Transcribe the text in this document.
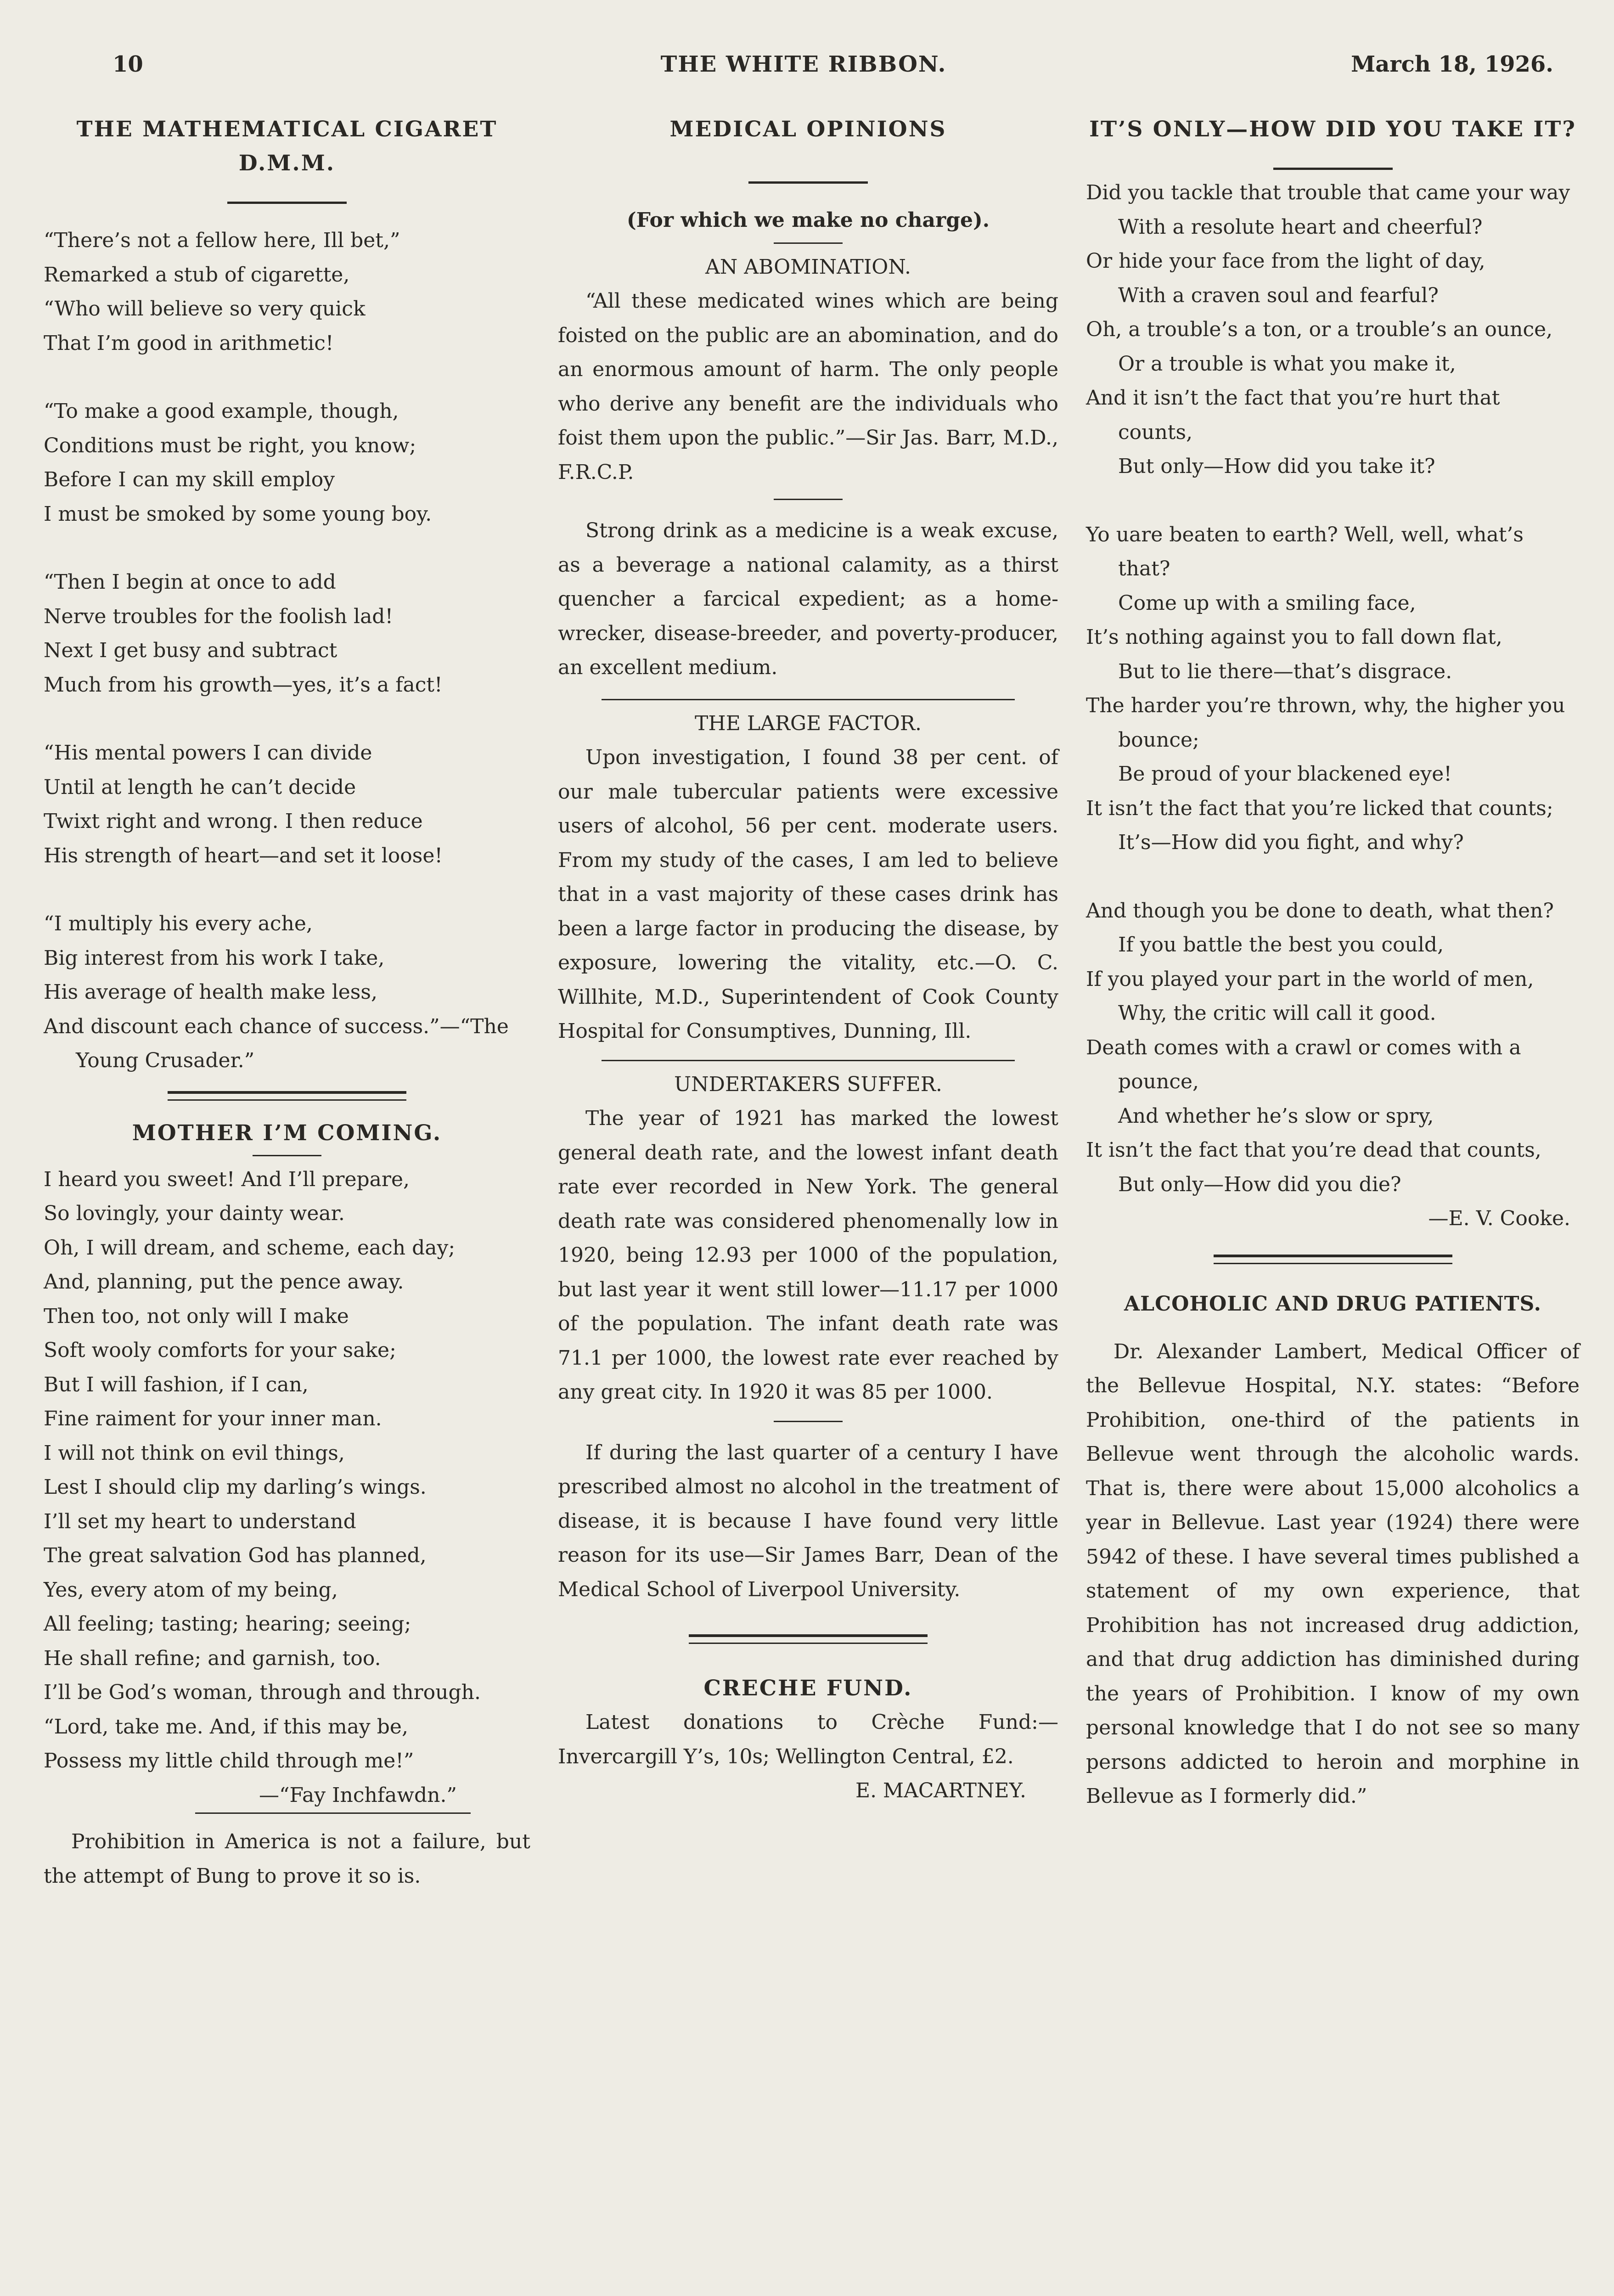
10	THE WHITE RIBBON.	March 18, 1926.
THE MATHEMATICAL CIGARET
D.M.M.

“There’s not a fellow here, Ill bet,”

Remarked a stub of cigarette,

“Who will believe so very quick

That I’m good in arithmetic!

“To make a good example, though,

Conditions must be right, you know;

Before I can my skill employ

I must be smoked by some young boy.

“Then I begin at once to add

Nerve troubles for the foolish lad!

Next I get busy and subtract

Much from his growth—yes, it’s a fact!

“His mental powers I can divide

Until at length he can’t decide

Twixt right and wrong. I then reduce

His strength of heart—and set it loose!

“I multiply his every ache,

Big interest from his work I take,

His average of health make less,

And discount each chance of success.”—“The Young Crusader.”

MOTHER I’M COMING.

I heard you sweet! And I’ll prepare,

So lovingly, your dainty wear.

Oh, I will dream, and scheme, each day;

And, planning, put the pence away.

Then too, not only will I make

Soft wooly comforts for your sake;

But I will fashion, if I can,

Fine raiment for your inner man.

I will not think on evil things,

Lest I should clip my darling’s wings.

I’ll set my heart to understand

The great salvation God has planned,

Yes, every atom of my being,

All feeling; tasting; hearing; seeing;

He shall refine; and garnish, too.

I’ll be God’s woman, through and through.

“Lord, take me. And, if this may be,

Possess my little child through me!”

—“Fay Inchfawdn.”

Prohibition in America is not a failure, but the attempt of Bung to prove it so is.

MEDICAL OPINIONS

(For which we make no charge).

AN ABOMINATION.

“All these medicated wines which are being foisted on the public are an abomination, and do an enormous amount of harm. The only people who derive any benefit are the individuals who foist them upon the public.”—Sir Jas. Barr, M.D., F.R.C.P.

Strong drink as a medicine is a weak excuse, as a beverage a national calamity, as a thirst quencher a farcical expedient; as a home-wrecker, disease-breeder, and poverty-producer, an excellent medium.

THE LARGE FACTOR.

Upon investigation, I found 38 per cent. of our male tubercular patients were excessive users of alcohol, 56 per cent. moderate users. From my study of the cases, I am led to believe that in a vast majority of these cases drink has been a large factor in producing the disease, by exposure, lowering the vitality, etc.—O. C. Willhite, M.D., Superintendent of Cook County Hospital for Consumptives, Dunning, Ill.

UNDERTAKERS SUFFER.

The year of 1921 has marked the lowest general death rate, and the lowest infant death rate ever recorded in New York. The general death rate was considered phenomenally low in 1920, being 12.93 per 1000 of the population, but last year it went still lower—11.17 per 1000 of the population. The infant death rate was 71.1 per 1000, the lowest rate ever reached by any great city. In 1920 it was 85 per 1000.

If during the last quarter of a century I have prescribed almost no alcohol in the treatment of disease, it is because I have found very little reason for its use—Sir James Barr, Dean of the Medical School of Liverpool University.

CRECHE FUND.

Latest donations to Crèche Fund:— Invercargill Y’s, 10s; Wellington Central, £2.

E. MACARTNEY.
IT’S ONLY—HOW DID YOU TAKE IT?

Did you tackle that trouble that came your way

With a resolute heart and cheerful?

Or hide your face from the light of day,

With a craven soul and fearful?

Oh, a trouble’s a ton, or a trouble’s an ounce,

Or a trouble is what you make it,

And it isn’t the fact that you’re hurt that counts,

But only—How did you take it?

Yo uare beaten to earth? Well, well, what’s that?

Come up with a smiling face,

It’s nothing against you to fall down flat,

But to lie there—that’s disgrace.

The harder you’re thrown, why, the higher you bounce;

Be proud of your blackened eye!

It isn’t the fact that you’re licked that counts;

It’s—How did you fight, and why?

And though you be done to death, what then?

If you battle the best you could,

If you played your part in the world of men,

Why, the critic will call it good.

Death comes with a crawl or comes with a pounce,

And whether he’s slow or spry,

It isn’t the fact that you’re dead that counts,

But only—How did you die?

—E. V. Cooke.
ALCOHOLIC AND DRUG PATIENTS.

Dr. Alexander Lambert, Medical Officer of the Bellevue Hospital, N.Y. states: “Before Prohibition, one-third of the patients in Bellevue went through the alcoholic wards. That is, there were about 15,000 alcoholics a year in Bellevue. Last year (1924) there were 5942 of these. I have several times published a statement of my own experience, that Prohibition has not increased drug addiction, and that drug addiction has diminished during the years of Prohibition. I know of my own personal knowledge that I do not see so many persons addicted to heroin and morphine in Bellevue as I formerly did.”
